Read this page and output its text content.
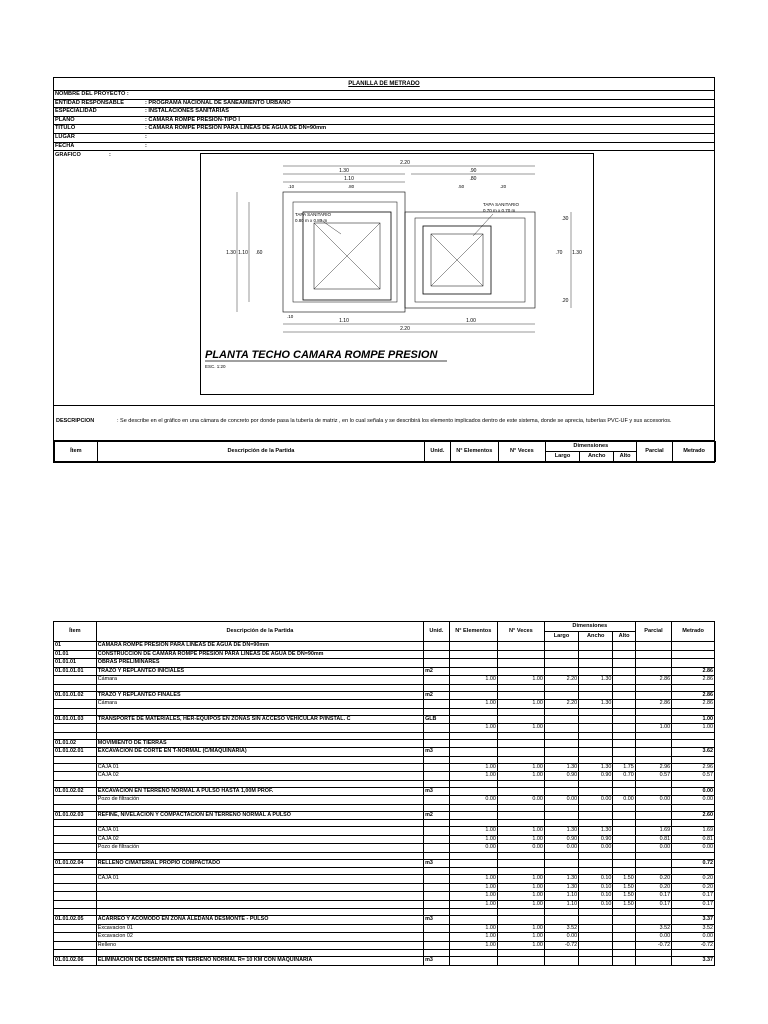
PLANILLA DE METRADO
NOMBRE DEL PROYECTO :
ENTIDAD RESPONSABLE	: PROGRAMA NACIONAL DE SANEAMIENTO URBANO
ESPECIALIDAD	: INSTALACIONES SANITARIAS
PLANO	: CAMARA ROMPE PRESION-TIPO I
TITULO	: CAMARA ROMPE PRESION PARA LINEAS DE AGUA DE DN=90mm
LUGAR	:
FECHA	:
GRAFICO	:
2.20
1.30	.90
1.10	.80
.10	.80	.50	.20
1.30 1.10 .60	1.30
.70
.30
.20
1.10	1.00
2.20
.10
TAPA SANITARIO
0.80 m x 0.80 m
TAPA SANITARIO
0.70 m x 0.70 m
PLANTA TECHO CAMARA ROMPE PRESION
ESC. 1:20
DESCRIPCION	: Se describe en el gráfico en una cámara de concreto por donde pasa la tubería de matriz , en lo cual señala y se describirá los elemento implicados dentro de este sistema, donde se aprecia, tuberías PVC-UF y sus accesorios.
Ítem	Descripción de la Partida	Unid.	N° Elementos	N° Veces	Dimensiones			Parcial	Metrado
					Largo	Ancho	Alto		
Ítem	Descripción de la Partida	Unid.	N° Elementos	N° Veces	Dimensiones			Parcial	Metrado
					Largo	Ancho	Alto		
01	CAMARA ROMPE PRESION PARA LINEAS DE AGUA DE DN=90mm								
01.01	CONSTRUCCION DE CAMARA ROMPE PRESION PARA LINEAS DE AGUA DE DN=90mm								
01.01.01	OBRAS PRELIMINARES								
01.01.01.01	TRAZO Y REPLANTEO INICIALES	m2							2.86
	Cámara		1.00	1.00	2.20	1.30		2.86	2.86

01.01.01.02	TRAZO Y REPLANTEO FINALES	m2							2.86
	Cámara		1.00	1.00	2.20	1.30		2.86	2.86

01.01.01.03	TRANSPORTE DE MATERIALES, HER-EQUIPOS EN ZONAS SIN ACCESO VEHICULAR P/INSTAL. C	GLB							1.00
			1.00	1.00				1.00	1.00

01.01.02	MOVIMIENTO DE TIERRAS								
01.01.02.01	EXCAVACION DE CORTE EN T-NORMAL (C/MAQUINARIA)	m3							3.62

	CAJA 01		1.00	1.00	1.30	1.30	1.75	2.96	2.96
	CAJA 02		1.00	1.00	0.90	0.90	0.70	0.57	0.57

01.01.02.02	EXCAVACION EN TERRENO NORMAL A PULSO HASTA 1,00M PROF.	m3							0.00
	Pozo de filtración		0.00	0.00	0.00	0.00	0.00	0.00	0.00

01.01.02.03	REFINE, NIVELACION Y COMPACTACION EN TERRENO NORMAL A PULSO	m2							2.60

	CAJA 01		1.00	1.00	1.30	1.30		1.69	1.69
	CAJA 02		1.00	1.00	0.90	0.90		0.81	0.81
	Pozo de filtración		0.00	0.00	0.00	0.00		0.00	0.00

01.01.02.04	RELLENO C/MATERIAL PROPIO COMPACTADO	m3							0.72

	CAJA 01		1.00	1.00	1.30	0.10	1.50	0.20	0.20
			1.00	1.00	1.30	0.10	1.50	0.20	0.20
			1.00	1.00	1.10	0.10	1.50	0.17	0.17
			1.00	1.00	1.10	0.10	1.50	0.17	0.17

01.01.02.05	ACARREO Y ACOMODO EN ZONA ALEDAÑA DESMONTE - PULSO	m3							3.37
	Excavacion 01		1.00	1.00	3.52			3.52	3.52
	Excavacion 02		1.00	1.00	0.00			0.00	0.00
	Relleno		1.00	1.00	-0.72			-0.72	-0.72

01.01.02.06	ELIMINACIÓN DE DESMONTE EN TERRENO NORMAL R= 10 KM CON MAQUINARIA	m3							3.37
